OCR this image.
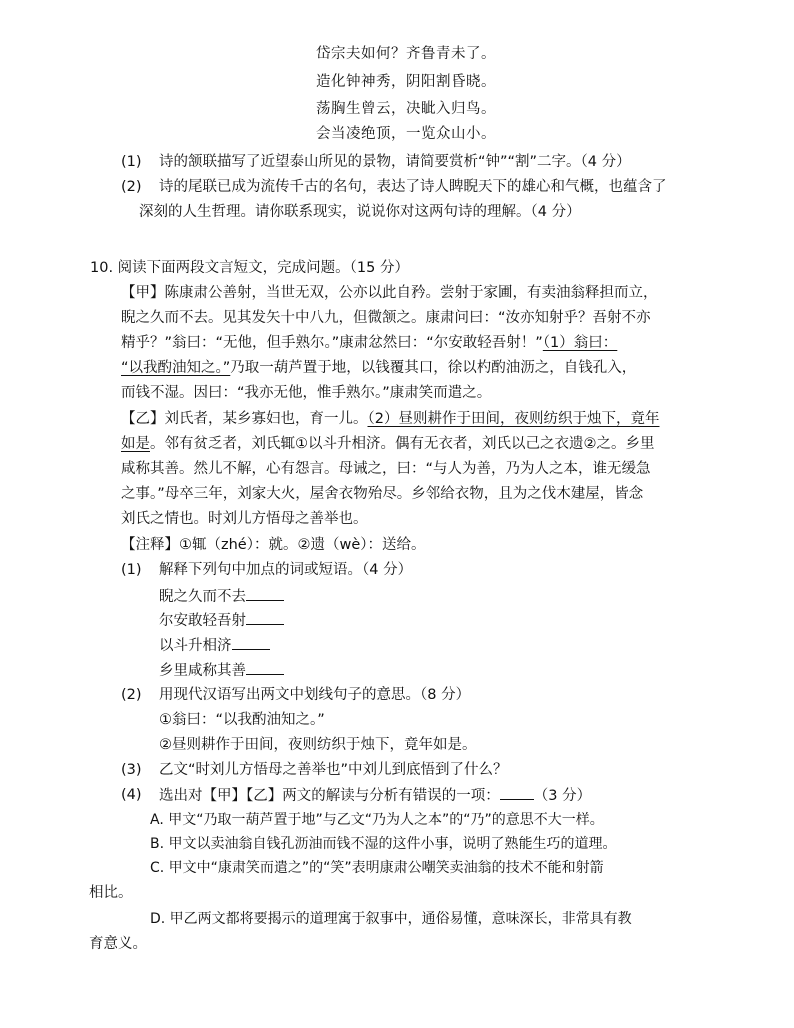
岱宗夫如何？齐鲁青未了。
造化钟神秀，阴阳割昏晓。
荡胸生曾云，决眦入归鸟。
会当凌绝顶，一览众山小。
(1) 诗的颔联描写了近望泰山所见的景物，请简要赏析“钟”“割”二字。（4 分）
(2) 诗的尾联已成为流传千古的名句，表达了诗人睥睨天下的雄心和气概，也蕴含了
深刻的人生哲理。请你联系现实，说说你对这两句诗的理解。（4 分）
10. 阅读下面两段文言短文，完成问题。（15 分）
【甲】陈康肃公善射，当世无双，公亦以此自矜。尝射于家圃，有卖油翁释担而立，
睨之久而不去。见其发矢十中八九，但微颔之。康肃问曰：“汝亦知射乎？吾射不亦
精乎？”翁曰：“无他，但手熟尔。”康肃忿然曰：“尔安敢轻吾射！”（1）翁曰：
“以我酌油知之。”乃取一葫芦置于地，以钱覆其口，徐以杓酌油沥之，自钱孔入，
而钱不湿。因曰：“我亦无他，惟手熟尔。”康肃笑而遣之。
【乙】刘氏者，某乡寡妇也，育一儿。（2）昼则耕作于田间，夜则纺织于烛下，竟年
如是。邻有贫乏者，刘氏辄①以斗升相济。偶有无衣者，刘氏以己之衣遗②之。乡里
咸称其善。然儿不解，心有怨言。母诫之，曰：“与人为善，乃为人之本，谁无缓急
之事。”母卒三年，刘家大火，屋舍衣物殆尽。乡邻给衣物，且为之伐木建屋，皆念
刘氏之情也。时刘儿方悟母之善举也。
【注释】①辄（zhé）：就。②遗（wè）：送给。
(1) 解释下列句中加点的词或短语。（4 分）
睨之久而不去
尔安敢轻吾射
以斗升相济
乡里咸称其善
(2) 用现代汉语写出两文中划线句子的意思。（8 分）
①翁曰：“以我酌油知之。”
②昼则耕作于田间，夜则纺织于烛下，竟年如是。
(3) 乙文“时刘儿方悟母之善举也”中刘儿到底悟到了什么？
(4) 选出对【甲】【乙】两文的解读与分析有错误的一项： （3 分）
A. 甲文“乃取一葫芦置于地”与乙文“乃为人之本”的“乃”的意思不大一样。
B. 甲文以卖油翁自钱孔沥油而钱不湿的这件小事，说明了熟能生巧的道理。
C. 甲文中“康肃笑而遣之”的“笑”表明康肃公嘲笑卖油翁的技术不能和射箭
相比。
D. 甲乙两文都将要揭示的道理寓于叙事中，通俗易懂，意味深长，非常具有教
育意义。
